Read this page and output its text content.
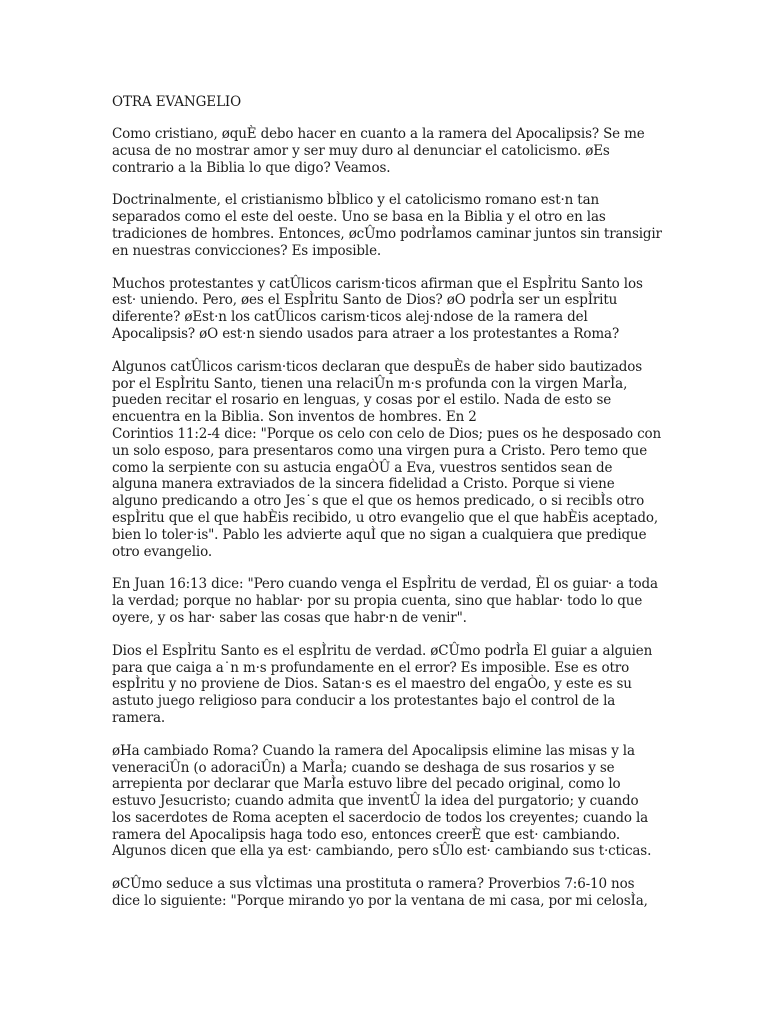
OTRA EVANGELIO
Como cristiano, øquÈ debo hacer en cuanto a la ramera del Apocalipsis? Se me
acusa de no mostrar amor y ser muy duro al denunciar el catolicismo. øEs
contrario a la Biblia lo que digo? Veamos.
Doctrinalmente, el cristianismo bÌblico y el catolicismo romano est·n tan
separados como el este del oeste. Uno se basa en la Biblia y el otro en las
tradiciones de hombres. Entonces, øcÛmo podrÌamos caminar juntos sin transigir
en nuestras convicciones? Es imposible.
Muchos protestantes y catÛlicos carism·ticos afirman que el EspÌritu Santo los
est· uniendo. Pero, øes el EspÌritu Santo de Dios? øO podrÌa ser un espÌritu
diferente? øEst·n los catÛlicos carism·ticos alej·ndose de la ramera del
Apocalipsis? øO est·n siendo usados para atraer a los protestantes a Roma?
Algunos catÛlicos carism·ticos declaran que despuÈs de haber sido bautizados
por el EspÌritu Santo, tienen una relaciÛn m·s profunda con la virgen MarÌa,
pueden recitar el rosario en lenguas, y cosas por el estilo. Nada de esto se
encuentra en la Biblia. Son inventos de hombres. En 2
Corintios 11:2-4 dice: "Porque os celo con celo de Dios; pues os he desposado con
un solo esposo, para presentaros como una virgen pura a Cristo. Pero temo que
como la serpiente con su astucia engaÒÛ a Eva, vuestros sentidos sean de
alguna manera extraviados de la sincera fidelidad a Cristo. Porque si viene
alguno predicando a otro Jes˙s que el que os hemos predicado, o si recibÌs otro
espÌritu que el que habÈis recibido, u otro evangelio que el que habÈis aceptado,
bien lo toler·is". Pablo les advierte aquÌ que no sigan a cualquiera que predique
otro evangelio.
En Juan 16:13 dice: "Pero cuando venga el EspÌritu de verdad, Èl os guiar· a toda
la verdad; porque no hablar· por su propia cuenta, sino que hablar· todo lo que
oyere, y os har· saber las cosas que habr·n de venir".
Dios el EspÌritu Santo es el espÌritu de verdad. øCÛmo podrÌa El guiar a alguien
para que caiga a˙n m·s profundamente en el error? Es imposible. Ese es otro
espÌritu y no proviene de Dios. Satan·s es el maestro del engaÒo, y este es su
astuto juego religioso para conducir a los protestantes bajo el control de la
ramera.
øHa cambiado Roma? Cuando la ramera del Apocalipsis elimine las misas y la
veneraciÛn (o adoraciÛn) a MarÌa; cuando se deshaga de sus rosarios y se
arrepienta por declarar que MarÌa estuvo libre del pecado original, como lo
estuvo Jesucristo; cuando admita que inventÛ la idea del purgatorio; y cuando
los sacerdotes de Roma acepten el sacerdocio de todos los creyentes; cuando la
ramera del Apocalipsis haga todo eso, entonces creerÈ que est· cambiando.
Algunos dicen que ella ya est· cambiando, pero sÛlo est· cambiando sus t·cticas.
øCÛmo seduce a sus vÌctimas una prostituta o ramera? Proverbios 7:6-10 nos
dice lo siguiente: "Porque mirando yo por la ventana de mi casa, por mi celosÌa,
